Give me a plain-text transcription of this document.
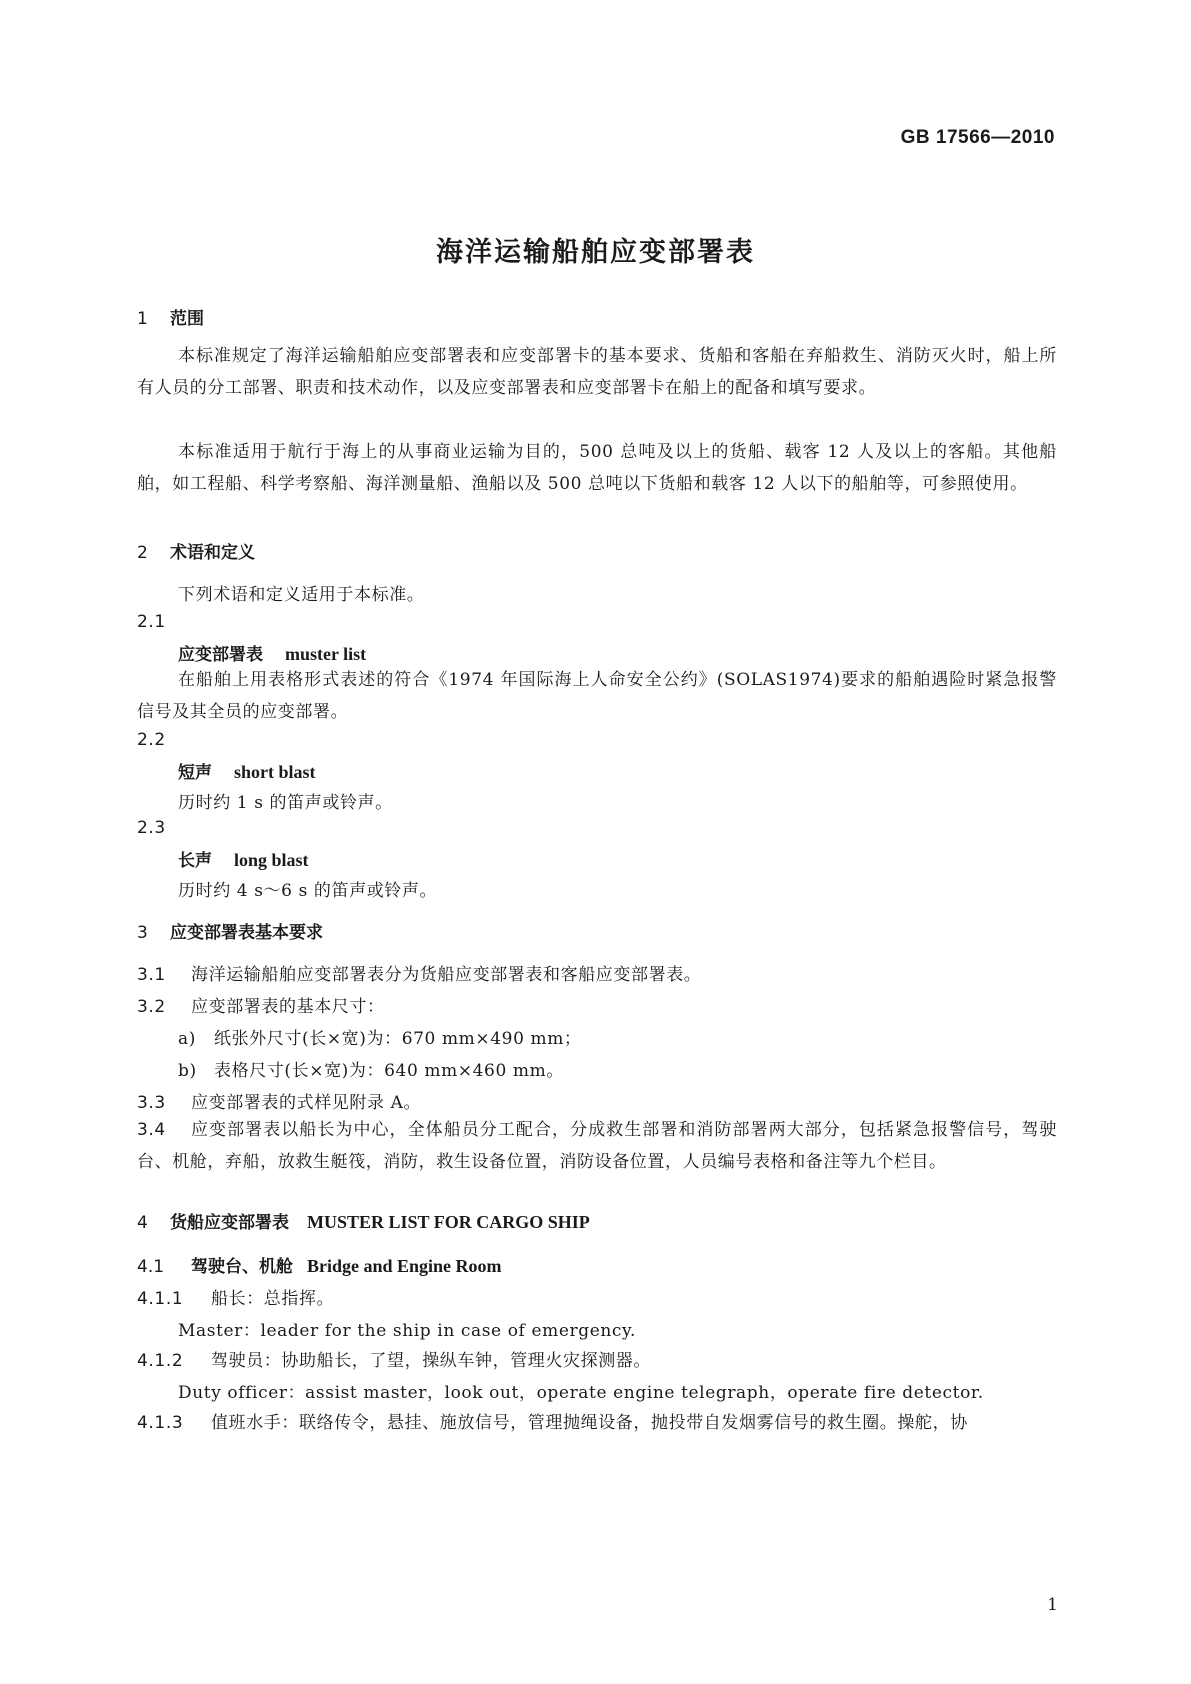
GB 17566—2010
海洋运输船舶应变部署表
1 范围
本标准规定了海洋运输船舶应变部署表和应变部署卡的基本要求、货船和客船在弃船救生、消防灭火时，船上所有人员的分工部署、职责和技术动作，以及应变部署表和应变部署卡在船上的配备和填写要求。
本标准适用于航行于海上的从事商业运输为目的，500 总吨及以上的货船、载客 12 人及以上的客船。其他船舶，如工程船、科学考察船、海洋测量船、渔船以及 500 总吨以下货船和载客 12 人以下的船舶等，可参照使用。
2 术语和定义
下列术语和定义适用于本标准。
2.1
应变部署表 muster list
在船舶上用表格形式表述的符合《1974 年国际海上人命安全公约》(SOLAS1974)要求的船舶遇险时紧急报警信号及其全员的应变部署。
2.2
短声 short blast
历时约 1 s 的笛声或铃声。
2.3
长声 long blast
历时约 4 s～6 s 的笛声或铃声。
3 应变部署表基本要求
3.1 海洋运输船舶应变部署表分为货船应变部署表和客船应变部署表。
3.2 应变部署表的基本尺寸：
a) 纸张外尺寸(长×宽)为：670 mm×490 mm；
b) 表格尺寸(长×宽)为：640 mm×460 mm。
3.3 应变部署表的式样见附录 A。
3.4	应变部署表以船长为中心，全体船员分工配合，分成救生部署和消防部署两大部分，包括紧急报警信号，驾驶台、机舱，弃船，放救生艇筏，消防，救生设备位置，消防设备位置，人员编号表格和备注等九个栏目。
4 货船应变部署表 MUSTER LIST FOR CARGO SHIP
4.1 驾驶台、机舱 Bridge and Engine Room
4.1.1 船长：总指挥。
Master：leader for the ship in case of emergency.
4.1.2 驾驶员：协助船长，了望，操纵车钟，管理火灾探测器。
Duty officer：assist master，look out，operate engine telegraph，operate fire detector.
4.1.3 值班水手：联络传令，悬挂、施放信号，管理抛绳设备，抛投带自发烟雾信号的救生圈。操舵，协
1
